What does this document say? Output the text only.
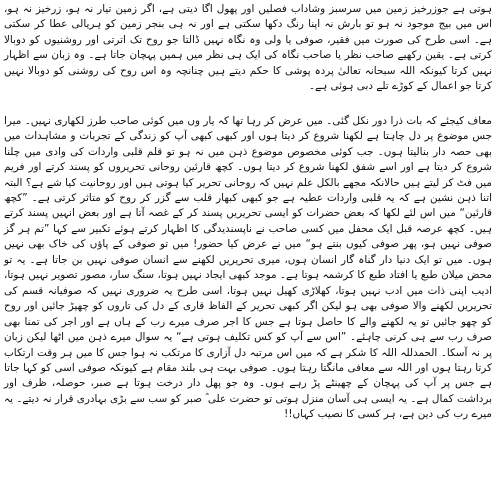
ہوتی ہے جوزرخیز زمین میں سرسبز وشاداب فصلیں اور پھول اگا دیتی ہے، اگر زمین تیار نہ ہو، زرخیز نہ ہو، اس میں بیج موجود نہ ہو تو بارش نہ اپنا رنگ دکھا سکتی ہے اور نہ ہی بنجر زمین کو ہریالی عطا کر سکتی ہے۔ اسی طرح کی صورت میں فقیر، صوفی یا ولی وہ نگاہ نہیں ڈالتا جو روح تک اترتی اور روشنیوں کو دوبالا کرتی ہے۔ یقین رکھیے صاحب نظر یا صاحب نگاہ کی ایک ہی نظر میں ہمیں پہچان جاتا ہے۔ وہ زبان سے اظہار نہیں کرتا کیونکہ اللہ سبحانہ تعالیٰ پردہ پوشی کا حکم دیتے ہیں چنانچہ وہ اس روح کی روشنی کو دوبالا نہیں کرتا جو اعمال کے کوڑے تلے دبی ہوئی ہے۔

معاف کیجئے کہ بات ذرا دور نکل گئی۔ میں عرض کر رہا تھا کہ یار وں میں کوئی صاحب طرز لکھاری نہیں۔ میرا جس موضوع پر دل چاہتا ہے لکھنا شروع کر دیتا ہوں اور کبھی کبھی آپ کو زندگی کے تجربات و مشاہدات میں بھی حصہ دار بنالیتا ہوں۔ جب کوئی مخصوص موضوع ذہن میں نہ ہو تو قلم قلبی واردات کی وادی میں چلنا شروع کر دیتا ہے اور اسے شفق لکھنا شروع کر دیتا ہوں۔ کچھ قارئین روحانی تحریروں کو پسند کرتے اور فریم میں فٹ کر لیتے ہیں حالانکہ مجھے بالکل علم نہیں کہ روحانی تحریر کیا ہوتی ہیں اور روحانیت کیا شے ہے؟ البتہ اتنا ذہن نشین ہے کہ یہ قلبی واردات عطیہ ہے جو کبھی کبھار قلب سے گزر کر روح کو متاثر کرتی ہے۔ ”کچھ قارئین“ میں اس لئے لکھا کہ بعض حضرات کو ایسی تحریریں پسند کر کے غصہ آتا ہے اور بعض انہیں پسند کرتے ہیں۔ کچھ عرصہ قبل ایک محفل میں کسی صاحب نے ناپسندیدگی کا اظہار کرتے ہوئے تکبیر سے کہا ”تم ہر گز صوفی نہیں ہو، پھر صوفی کیوں بنتے ہو“ میں نے عرض کیا حضور! میں تو صوفی کے پاؤں کی خاک بھی نہیں ہوں۔ میں تو ایک دنیا دار گناہ گار انسان ہوں، میری تحریریں لکھنے سے انسان صوفی نہیں بن جاتا ہے۔ یہ تو محض میلان طبع یا افتاد طبع کا کرشمہ ہوتا ہے۔ موجد کبھی ایجاد نہیں ہوتا، سنگ سار، مصور تصویر نہیں ہوتا، ادیب اپنی ذات میں ادب نہیں ہوتا، کھلاڑی کھیل نہیں ہوتا، اسی طرح یہ ضروری نہیں کہ صوفیانہ قسم کی تحریریں لکھنے والا صوفی بھی ہو لیکن اگر کبھی تحریر کے الفاظ قاری کے دل کی تاروں کو چھیڑ جائیں اور روح کو چھو جائیں تو یہ لکھنے والے کا حاصل ہوتا ہے جس کا اجر صرف میرے رب کے ہاں ہے اور اجر کی تمنا بھی صرف رب سے ہی کرنی چاہئے۔ ”اس سے آپ کو کس تکلیف ہوتی ہے“ یہ سوال میرے ذہن میں اٹھا لیکن زبان پر نہ آسکا۔ الحمدللہ اللہ کا شکر ہے کہ میں اس مرتبہ دل آزاری کا مرتکب نہ ہوا جس کا میں ہر وقت ارتکاب کرتا رہتا ہوں اور اللہ سے معافی مانگتا رہتا ہوں۔ صوفی بہت ہی بلند مقام ہے کیونکہ صوفی اسی کو کہا جاتا ہے جس پر آپ کی پہچان کے چھینٹے پڑ رہے ہوں۔ وہ جو پھل دار درخت ہوتا ہے صبر، حوصلہ، ظرف اور برداشت کمال ہے۔ یہ ایسی ہی آسان منزل ہوتی تو حضرت علی ؓ صبر کو سب سے بڑی بہادری قرار نہ دیتے۔ یہ میرے رب کی دین ہے، ہر کسی کا نصیب کہاں!!
